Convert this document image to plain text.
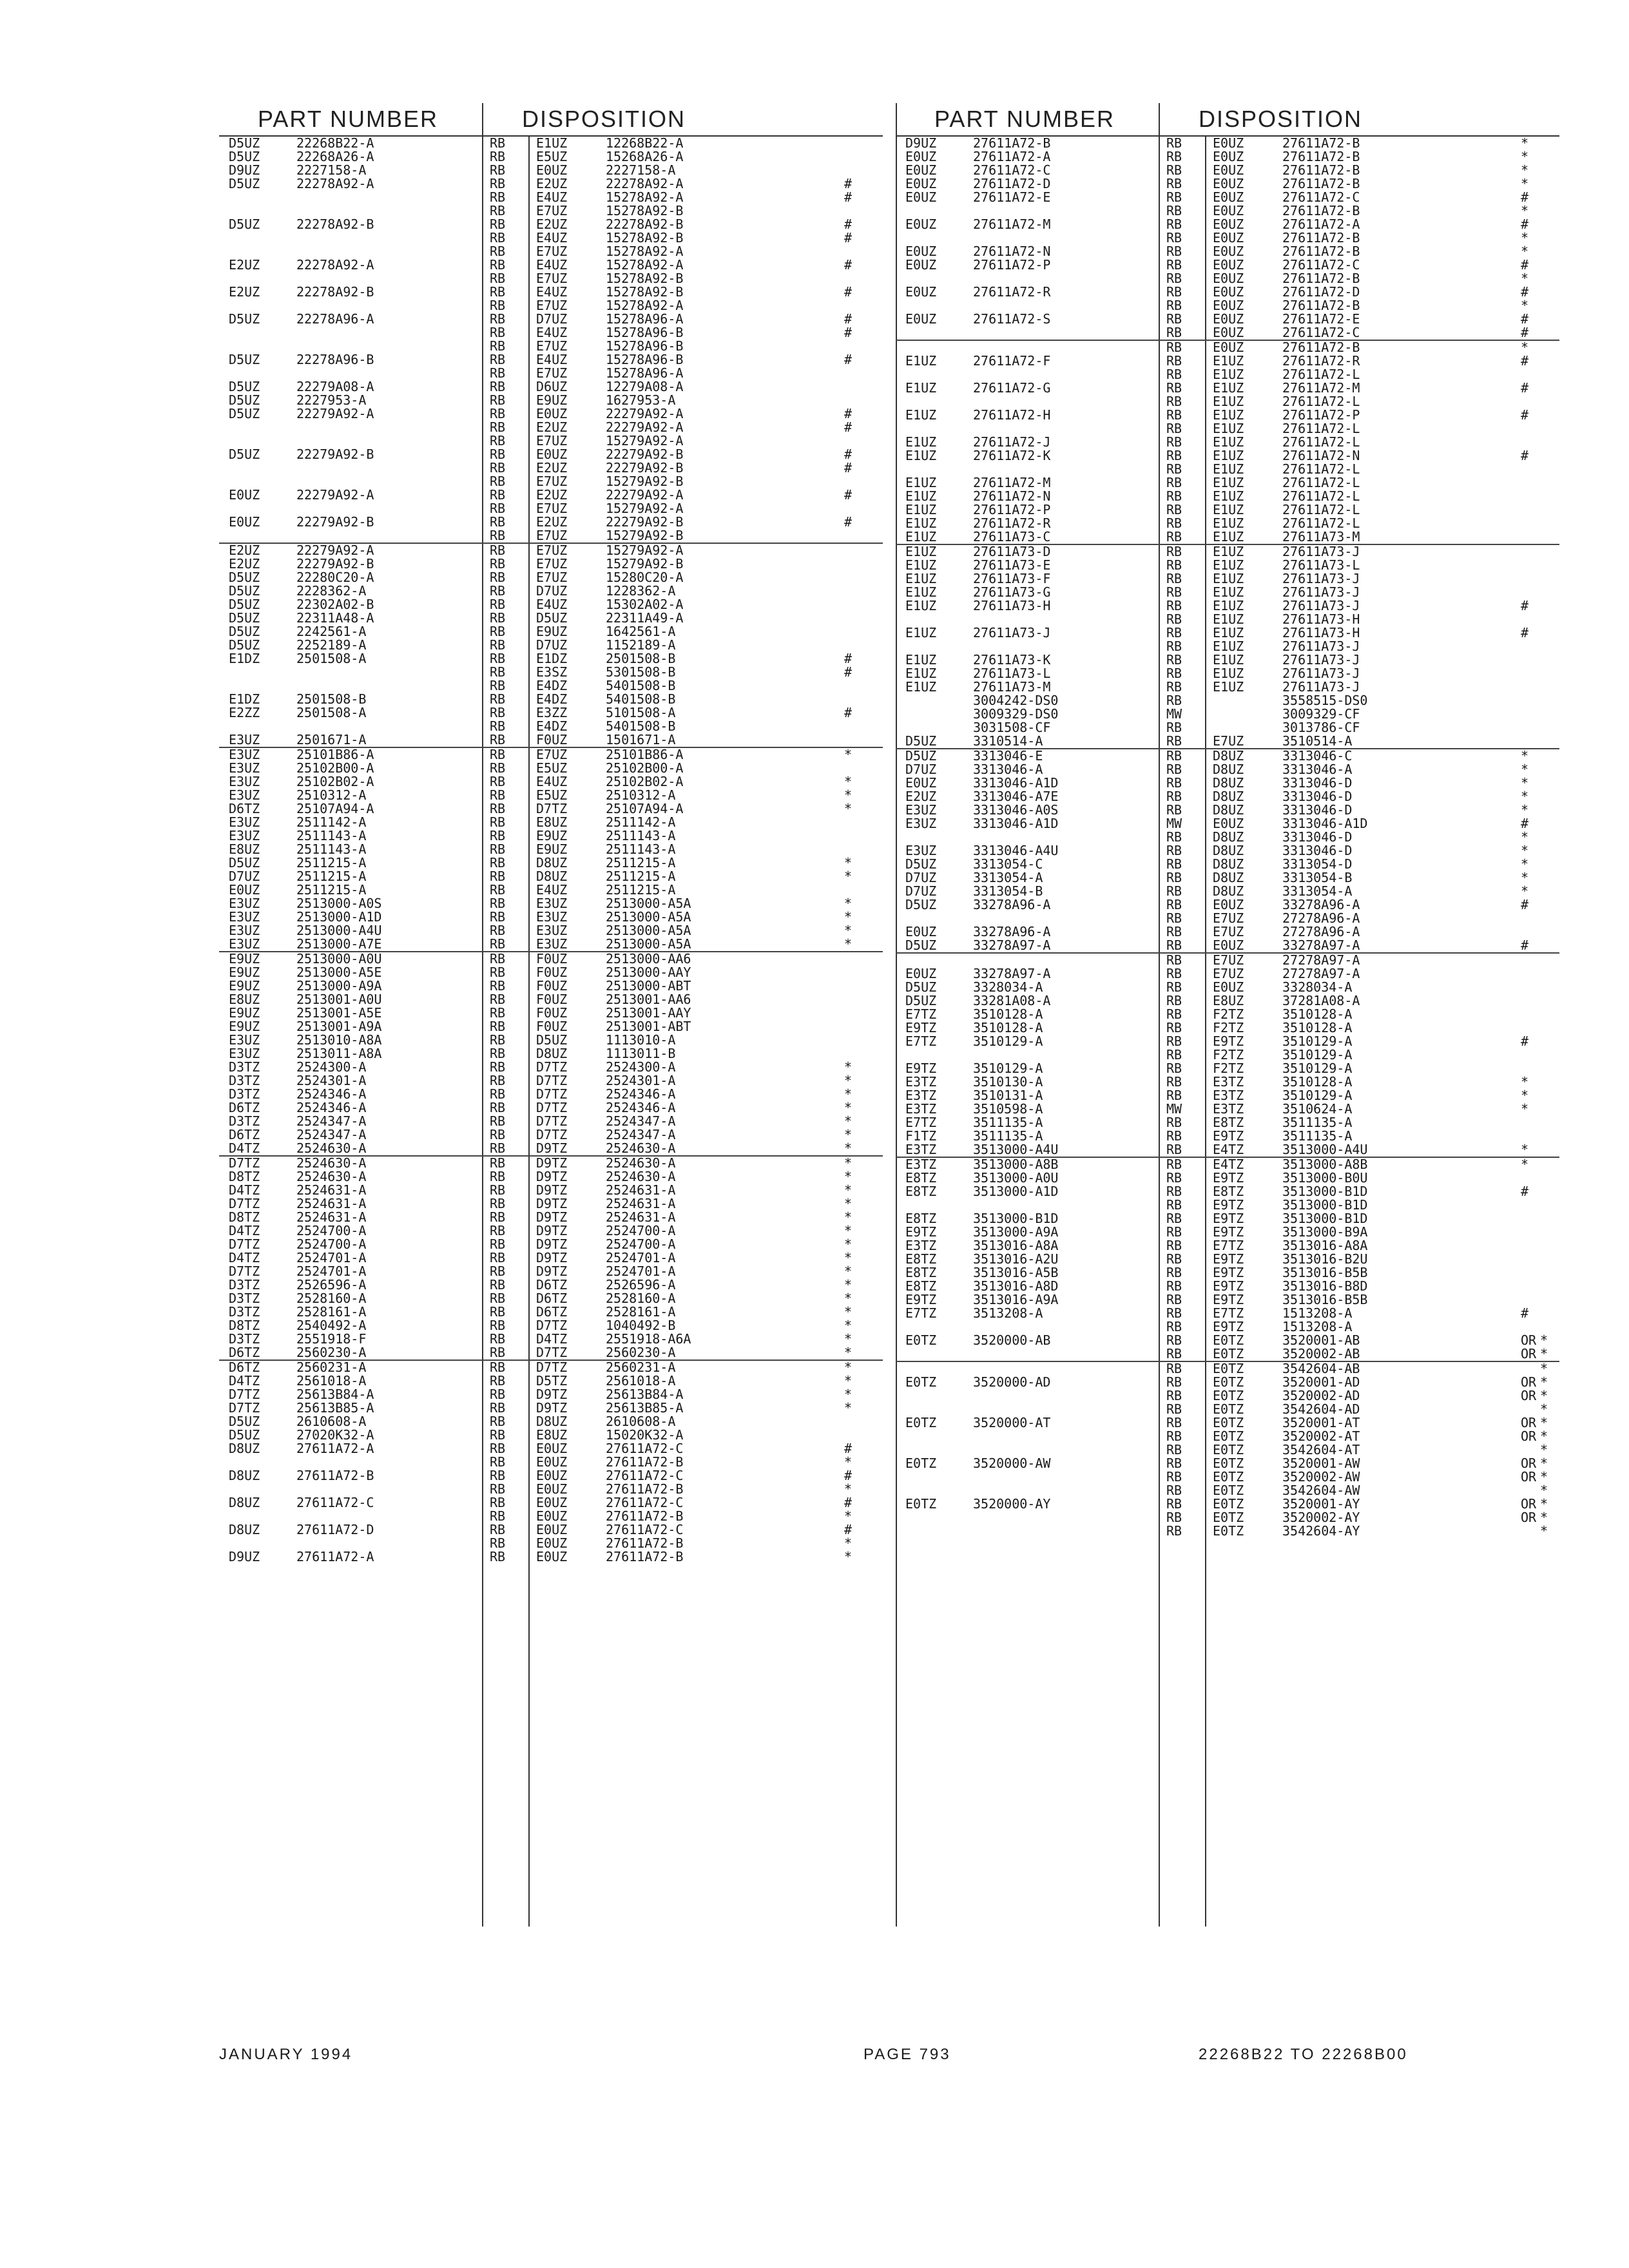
PART NUMBER	DISPOSITION
D5UZ	22268B22-A	RB E1UZ	12268B22-A
D5UZ	22268A26-A	RB E5UZ	15268A26-A
D9UZ	2227158-A	RB E0UZ	2227158-A
D5UZ	22278A92-A	RB E2UZ	22278A92-A	#
RB E4UZ	15278A92-A	#
RB E7UZ	15278A92-B
D5UZ	22278A92-B	RB E2UZ	22278A92-B	#
RB E4UZ	15278A92-B	#
RB E7UZ	15278A92-A
E2UZ	22278A92-A	RB E4UZ	15278A92-A	#
RB E7UZ	15278A92-B
E2UZ	22278A92-B	RB E4UZ	15278A92-B	#
RB E7UZ	15278A92-A
D5UZ	22278A96-A	RB D7UZ	15278A96-A	#
RB E4UZ	15278A96-B	#
RB E7UZ	15278A96-B
D5UZ	22278A96-B	RB E4UZ	15278A96-B	#
RB E7UZ	15278A96-A
D5UZ	22279A08-A	RB D6UZ	12279A08-A
D5UZ	2227953-A	RB E9UZ	1627953-A
D5UZ	22279A92-A	RB E0UZ	22279A92-A	#
RB E2UZ	22279A92-A	#
RB E7UZ	15279A92-A
D5UZ	22279A92-B	RB E0UZ	22279A92-B	#
RB E2UZ	22279A92-B	#
RB E7UZ	15279A92-B
E0UZ	22279A92-A	RB E2UZ	22279A92-A	#
RB E7UZ	15279A92-A
E0UZ	22279A92-B	RB E2UZ	22279A92-B	#
RB E7UZ	15279A92-B
E2UZ	22279A92-A	RB E7UZ	15279A92-A
E2UZ	22279A92-B	RB E7UZ	15279A92-B
D5UZ	22280C20-A	RB E7UZ	15280C20-A
D5UZ	2228362-A	RB D7UZ	1228362-A
D5UZ	22302A02-B	RB E4UZ	15302A02-A
D5UZ	22311A48-A	RB D5UZ	22311A49-A
D5UZ	2242561-A	RB E9UZ	1642561-A
D5UZ	2252189-A	RB D7UZ	1152189-A
E1DZ	2501508-A	RB E1DZ	2501508-B	#
RB E3SZ	5301508-B	#
RB E4DZ	5401508-B
E1DZ	2501508-B	RB E4DZ	5401508-B
E2ZZ	2501508-A	RB E3ZZ	5101508-A	#
RB E4DZ	5401508-B
E3UZ	2501671-A	RB F0UZ	1501671-A
E3UZ	25101B86-A	RB E7UZ	25101B86-A	*
E3UZ	25102B00-A	RB E5UZ	25102B00-A
E3UZ	25102B02-A	RB E4UZ	25102B02-A	*
E3UZ	2510312-A	RB E5UZ	2510312-A	*
D6TZ	25107A94-A	RB D7TZ	25107A94-A	*
E3UZ	2511142-A	RB E8UZ	2511142-A
E3UZ	2511143-A	RB E9UZ	2511143-A
E8UZ	2511143-A	RB E9UZ	2511143-A
D5UZ	2511215-A	RB D8UZ	2511215-A	*
D7UZ	2511215-A	RB D8UZ	2511215-A	*
E0UZ	2511215-A	RB E4UZ	2511215-A
E3UZ	2513000-A0S	RB E3UZ	2513000-A5A	*
E3UZ	2513000-A1D	RB E3UZ	2513000-A5A	*
E3UZ	2513000-A4U	RB E3UZ	2513000-A5A	*
E3UZ	2513000-A7E	RB E3UZ	2513000-A5A	*
E9UZ	2513000-A0U	RB F0UZ	2513000-AA6
E9UZ	2513000-A5E	RB F0UZ	2513000-AAY
E9UZ	2513000-A9A	RB F0UZ	2513000-ABT
E8UZ	2513001-A0U	RB F0UZ	2513001-AA6
E9UZ	2513001-A5E	RB F0UZ	2513001-AAY
E9UZ	2513001-A9A	RB F0UZ	2513001-ABT
E3UZ	2513010-A8A	RB D5UZ	1113010-A
E3UZ	2513011-A8A	RB D8UZ	1113011-B
D3TZ	2524300-A	RB D7TZ	2524300-A	*
D3TZ	2524301-A	RB D7TZ	2524301-A	*
D3TZ	2524346-A	RB D7TZ	2524346-A	*
D6TZ	2524346-A	RB D7TZ	2524346-A	*
D3TZ	2524347-A	RB D7TZ	2524347-A	*
D6TZ	2524347-A	RB D7TZ	2524347-A	*
D4TZ	2524630-A	RB D9TZ	2524630-A	*
D7TZ	2524630-A	RB D9TZ	2524630-A	*
D8TZ	2524630-A	RB D9TZ	2524630-A	*
D4TZ	2524631-A	RB D9TZ	2524631-A	*
D7TZ	2524631-A	RB D9TZ	2524631-A	*
D8TZ	2524631-A	RB D9TZ	2524631-A	*
D4TZ	2524700-A	RB D9TZ	2524700-A	*
D7TZ	2524700-A	RB D9TZ	2524700-A	*
D4TZ	2524701-A	RB D9TZ	2524701-A	*
D7TZ	2524701-A	RB D9TZ	2524701-A	*
D3TZ	2526596-A	RB D6TZ	2526596-A	*
D3TZ	2528160-A	RB D6TZ	2528160-A	*
D3TZ	2528161-A	RB D6TZ	2528161-A	*
D8TZ	2540492-A	RB D7TZ	1040492-B	*
D3TZ	2551918-F	RB D4TZ	2551918-A6A	*
D6TZ	2560230-A	RB D7TZ	2560230-A	*
D6TZ	2560231-A	RB D7TZ	2560231-A	*
D4TZ	2561018-A	RB D5TZ	2561018-A	*
D7TZ	25613B84-A	RB D9TZ	25613B84-A	*
D7TZ	25613B85-A	RB D9TZ	25613B85-A	*
D5UZ	2610608-A	RB D8UZ	2610608-A
D5UZ	27020K32-A	RB E8UZ	15020K32-A
D8UZ	27611A72-A	RB E0UZ	27611A72-C	#
RB E0UZ	27611A72-B	*
D8UZ	27611A72-B	RB E0UZ	27611A72-C	#
RB E0UZ	27611A72-B	*
D8UZ	27611A72-C	RB E0UZ	27611A72-C	#
RB E0UZ	27611A72-B	*
D8UZ	27611A72-D	RB E0UZ	27611A72-C	#
RB E0UZ	27611A72-B	*
D9UZ	27611A72-A	RB E0UZ	27611A72-B	*
PART NUMBER	DISPOSITION
D9UZ	27611A72-B	RB E0UZ	27611A72-B	*
E0UZ	27611A72-A	RB E0UZ	27611A72-B	*
E0UZ	27611A72-C	RB E0UZ	27611A72-B	*
E0UZ	27611A72-D	RB E0UZ	27611A72-B	*
E0UZ	27611A72-E	RB E0UZ	27611A72-C	#
RB E0UZ	27611A72-B	*
E0UZ	27611A72-M	RB E0UZ	27611A72-A	#
RB E0UZ	27611A72-B	*
E0UZ	27611A72-N	RB E0UZ	27611A72-B	*
E0UZ	27611A72-P	RB E0UZ	27611A72-C	#
RB E0UZ	27611A72-B	*
E0UZ	27611A72-R	RB E0UZ	27611A72-D	#
RB E0UZ	27611A72-B	*
E0UZ	27611A72-S	RB E0UZ	27611A72-E	#
RB E0UZ	27611A72-C	#
RB E0UZ	27611A72-B	*
E1UZ	27611A72-F	RB E1UZ	27611A72-R	#
RB E1UZ	27611A72-L
E1UZ	27611A72-G	RB E1UZ	27611A72-M	#
RB E1UZ	27611A72-L
E1UZ	27611A72-H	RB E1UZ	27611A72-P	#
RB E1UZ	27611A72-L
E1UZ	27611A72-J	RB E1UZ	27611A72-L
E1UZ	27611A72-K	RB E1UZ	27611A72-N	#
RB E1UZ	27611A72-L
E1UZ	27611A72-M	RB E1UZ	27611A72-L
E1UZ	27611A72-N	RB E1UZ	27611A72-L
E1UZ	27611A72-P	RB E1UZ	27611A72-L
E1UZ	27611A72-R	RB E1UZ	27611A72-L
E1UZ	27611A73-C	RB E1UZ	27611A73-M
E1UZ	27611A73-D	RB E1UZ	27611A73-J
E1UZ	27611A73-E	RB E1UZ	27611A73-L
E1UZ	27611A73-F	RB E1UZ	27611A73-J
E1UZ	27611A73-G	RB E1UZ	27611A73-J
E1UZ	27611A73-H	RB E1UZ	27611A73-J	#
RB E1UZ	27611A73-H
E1UZ	27611A73-J	RB E1UZ	27611A73-H	#
RB E1UZ	27611A73-J
E1UZ	27611A73-K	RB E1UZ	27611A73-J
E1UZ	27611A73-L	RB E1UZ	27611A73-J
E1UZ	27611A73-M	RB E1UZ	27611A73-J
3004242-DS0	RB	3558515-DS0
3009329-DS0	MW	3009329-CF
3031508-CF	RB	3013786-CF
D5UZ	3310514-A	RB E7UZ	3510514-A
D5UZ	3313046-E	RB D8UZ	3313046-C	*
D7UZ	3313046-A	RB D8UZ	3313046-A	*
E0UZ	3313046-A1D	RB D8UZ	3313046-D	*
E2UZ	3313046-A7E	RB D8UZ	3313046-D	*
E3UZ	3313046-A0S	RB D8UZ	3313046-D	*
E3UZ	3313046-A1D	MW E0UZ	3313046-A1D	#
RB D8UZ	3313046-D	*
E3UZ	3313046-A4U	RB D8UZ	3313046-D	*
D5UZ	3313054-C	RB D8UZ	3313054-D	*
D7UZ	3313054-A	RB D8UZ	3313054-B	*
D7UZ	3313054-B	RB D8UZ	3313054-A	*
D5UZ	33278A96-A	RB E0UZ	33278A96-A	#
RB E7UZ	27278A96-A
E0UZ	33278A96-A	RB E7UZ	27278A96-A
D5UZ	33278A97-A	RB E0UZ	33278A97-A	#
RB E7UZ	27278A97-A
E0UZ	33278A97-A	RB E7UZ	27278A97-A
D5UZ	3328034-A	RB E0UZ	3328034-A
D5UZ	33281A08-A	RB E8UZ	37281A08-A
E7TZ	3510128-A	RB F2TZ	3510128-A
E9TZ	3510128-A	RB F2TZ	3510128-A
E7TZ	3510129-A	RB E9TZ	3510129-A	#
RB F2TZ	3510129-A
E9TZ	3510129-A	RB F2TZ	3510129-A
E3TZ	3510130-A	RB E3TZ	3510128-A	*
E3TZ	3510131-A	RB E3TZ	3510129-A	*
E3TZ	3510598-A	MW E3TZ	3510624-A	*
E7TZ	3511135-A	RB E8TZ	3511135-A
F1TZ	3511135-A	RB E9TZ	3511135-A
E3TZ	3513000-A4U	RB E4TZ	3513000-A4U	*
E3TZ	3513000-A8B	RB E4TZ	3513000-A8B	*
E8TZ	3513000-A0U	RB E9TZ	3513000-B0U
E8TZ	3513000-A1D	RB E8TZ	3513000-B1D	#
RB E9TZ	3513000-B1D
E8TZ	3513000-B1D	RB E9TZ	3513000-B1D
E9TZ	3513000-A9A	RB E9TZ	3513000-B9A
E3TZ	3513016-A8A	RB E7TZ	3513016-A8A
E8TZ	3513016-A2U	RB E9TZ	3513016-B2U
E8TZ	3513016-A5B	RB E9TZ	3513016-B5B
E8TZ	3513016-A8D	RB E9TZ	3513016-B8D
E9TZ	3513016-A9A	RB E9TZ	3513016-B5B
E7TZ	3513208-A	RB E7TZ	1513208-A	#
RB E9TZ	1513208-A
E0TZ	3520000-AB	RB E0TZ	3520001-AB	OR *
RB E0TZ	3520002-AB	OR *
RB E0TZ	3542604-AB	*
E0TZ	3520000-AD	RB E0TZ	3520001-AD	OR *
RB E0TZ	3520002-AD	OR *
RB E0TZ	3542604-AD	*
E0TZ	3520000-AT	RB E0TZ	3520001-AT	OR *
RB E0TZ	3520002-AT	OR *
RB E0TZ	3542604-AT	*
E0TZ	3520000-AW	RB E0TZ	3520001-AW	OR *
RB E0TZ	3520002-AW	OR *
RB E0TZ	3542604-AW	*
E0TZ	3520000-AY	RB E0TZ	3520001-AY	OR *
RB E0TZ	3520002-AY	OR *
RB E0TZ	3542604-AY	*
JANUARY 1994	PAGE 793	22268B22 TO 22268B00
